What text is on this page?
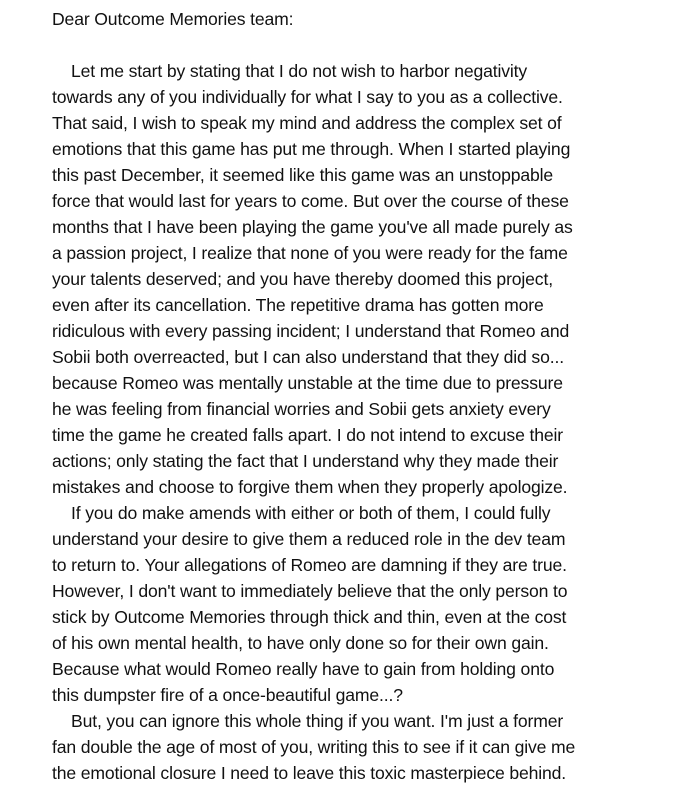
Dear Outcome Memories team:
Let me start by stating that I do not wish to harbor negativity
towards any of you individually for what I say to you as a collective.
That said, I wish to speak my mind and address the complex set of
emotions that this game has put me through. When I started playing
this past December, it seemed like this game was an unstoppable
force that would last for years to come. But over the course of these
months that I have been playing the game you've all made purely as
a passion project, I realize that none of you were ready for the fame
your talents deserved; and you have thereby doomed this project,
even after its cancellation. The repetitive drama has gotten more
ridiculous with every passing incident; I understand that Romeo and
Sobii both overreacted, but I can also understand that they did so...
because Romeo was mentally unstable at the time due to pressure
he was feeling from financial worries and Sobii gets anxiety every
time the game he created falls apart. I do not intend to excuse their
actions; only stating the fact that I understand why they made their
mistakes and choose to forgive them when they properly apologize.
If you do make amends with either or both of them, I could fully
understand your desire to give them a reduced role in the dev team
to return to. Your allegations of Romeo are damning if they are true.
However, I don't want to immediately believe that the only person to
stick by Outcome Memories through thick and thin, even at the cost
of his own mental health, to have only done so for their own gain.
Because what would Romeo really have to gain from holding onto
this dumpster fire of a once-beautiful game...?
But, you can ignore this whole thing if you want. I'm just a former
fan double the age of most of you, writing this to see if it can give me
the emotional closure I need to leave this toxic masterpiece behind.
